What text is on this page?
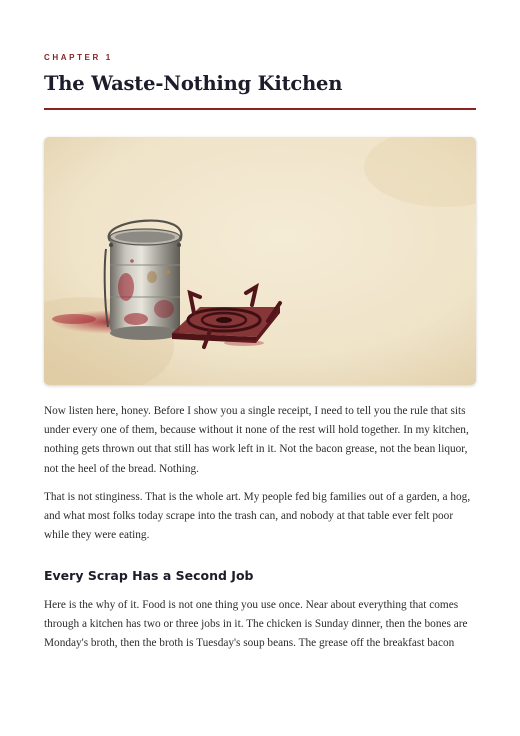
CHAPTER 1
The Waste-Nothing Kitchen

Now listen here, honey. Before I show you a single receipt, I need to tell you the rule that sits under every one of them, because without it none of the rest will hold together. In my kitchen, nothing gets thrown out that still has work left in it. Not the bacon grease, not the bean liquor, not the heel of the bread. Nothing.

That is not stinginess. That is the whole art. My people fed big families out of a garden, a hog, and what most folks today scrape into the trash can, and nobody at that table ever felt poor while they were eating.

Every Scrap Has a Second Job

Here is the why of it. Food is not one thing you use once. Near about everything that comes through a kitchen has two or three jobs in it. The chicken is Sunday dinner, then the bones are Monday's broth, then the broth is Tuesday's soup beans. The grease off the breakfast bacon
